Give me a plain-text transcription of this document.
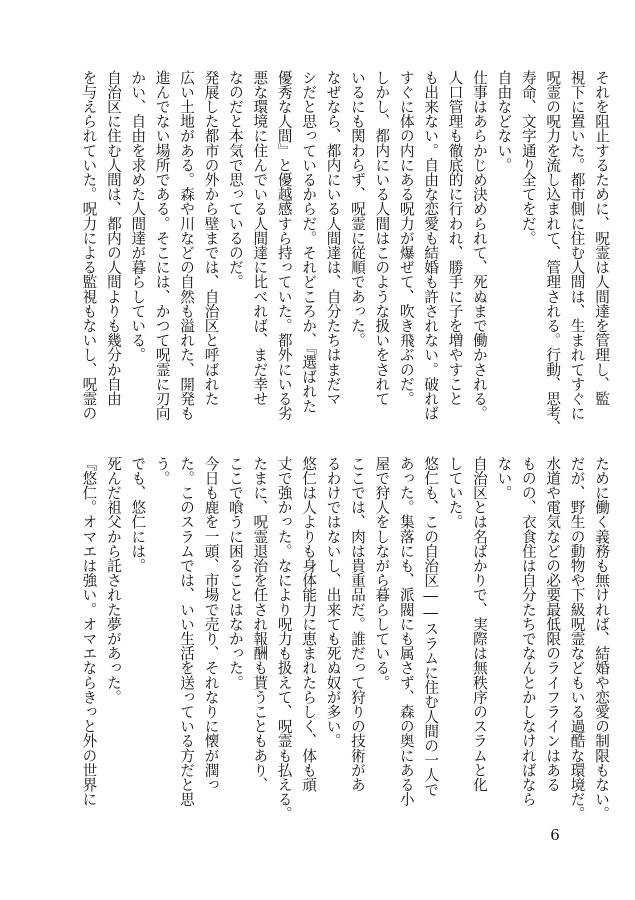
それを阻止するために、呪霊は人間達を管理し、監

視下に置いた。都市側に住む人間は、生まれてすぐに

呪霊の呪力を流し込まれて、管理される。行動、思考、

寿命、文字通り全てをだ。

自由などない。

仕事はあらかじめ決められて、死ぬまで働かされる。

人口管理も徹底的に行われ、勝手に子を増やすこと

も出来ない。自由な恋愛も結婚も許されない。破れば

すぐに体の内にある呪力が爆ぜて、吹き飛ぶのだ。

しかし、都内にいる人間はこのような扱いをされて

いるにも関わらず、呪霊に従順であった。

なぜなら、都内にいる人間達は、自分たちはまだマ

シだと思っているからだ。それどころか、『選ばれた

優秀な人間』と優越感すら持っていた。都外にいる劣

悪な環境に住んでいる人間達に比べれば、まだ幸せ

なのだと本気で思っているのだ。

発展した都市の外から壁までは、自治区と呼ばれた

広い土地がある。森や川などの自然も溢れた、開発も

進んでない場所である。そこには、かつて呪霊に刃向

かい、自由を求めた人間達が暮らしている。

自治区に住む人間は、都内の人間よりも幾分か自由

を与えられていた。呪力による監視もないし、呪霊の

ために働く義務も無ければ、結婚や恋愛の制限もない。

だが、野生の動物や下級呪霊などもいる過酷な環境だ。

水道や電気などの必要最低限のライフラインはある

ものの、衣食住は自分たちでなんとかしなければなら

ない。

自治区とは名ばかりで、実際は無秩序のスラムと化

していた。

悠仁も、この自治区――スラムに住む人間の一人で

あった。集落にも、派閥にも属さず、森の奥にある小

屋で狩人をしながら暮らしている。

ここでは、肉は貴重品だ。誰だって狩りの技術があ

るわけではないし、出来ても死ぬ奴が多い。

悠仁は人よりも身体能力に恵まれたらしく、体も頑

丈で強かった。なにより呪力も扱えて、呪霊も払える。

たまに、呪霊退治を任され報酬も貰うこともあり、

ここで喰うに困ることはなかった。

今日も鹿を一頭、市場で売り、それなりに懐が潤っ

た。このスラムでは、いい生活を送っている方だと思

う。

でも、悠仁には。

死んだ祖父から託された夢があった。

『悠仁。オマエは強い。オマエならきっと外の世界に

6
